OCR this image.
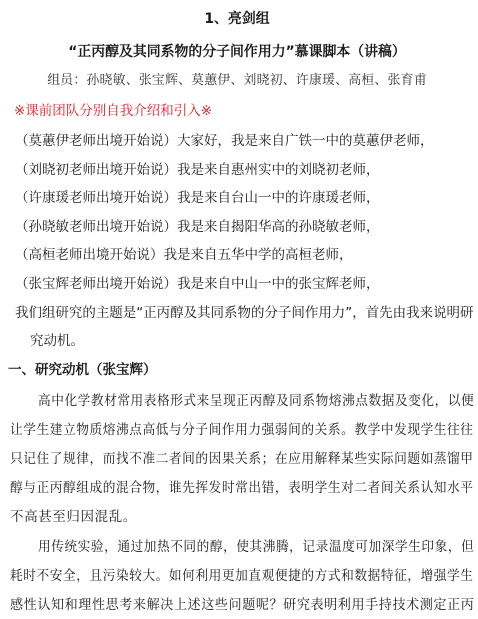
1、亮剑组
“正丙醇及其同系物的分子间作用力”慕课脚本（讲稿）
组员：孙晓敏、张宝辉、莫蕙伊、刘晓初、许康瑗、高桓、张育甫
※课前团队分别自我介绍和引入※
（莫蕙伊老师出境开始说）大家好，我是来自广铁一中的莫蕙伊老师，
（刘晓初老师出境开始说）我是来自惠州实中的刘晓初老师，
（许康瑗老师出境开始说）我是来自台山一中的许康瑗老师，
（孙晓敏老师出境开始说）我是来自揭阳华高的孙晓敏老师，
（高桓老师出境开始说）我是来自五华中学的高桓老师，
（张宝辉老师出境开始说）我是来自中山一中的张宝辉老师，
我们组研究的主题是“正丙醇及其同系物的分子间作用力”，首先由我来说明研
究动机。
一、研究动机（张宝辉）
高中化学教材常用表格形式来呈现正丙醇及同系物熔沸点数据及变化，以便
让学生建立物质熔沸点高低与分子间作用力强弱间的关系。教学中发现学生往往
只记住了规律，而找不准二者间的因果关系；在应用解释某些实际问题如蒸馏甲
醇与正丙醇组成的混合物，谁先挥发时常出错，表明学生对二者间关系认知水平
不高甚至归因混乱。
用传统实验，通过加热不同的醇，使其沸腾，记录温度可加深学生印象，但
耗时不安全，且污染较大。如何利用更加直观便捷的方式和数据特征，增强学生
感性认知和理性思考来解决上述这些问题呢？研究表明利用手持技术测定正丙
